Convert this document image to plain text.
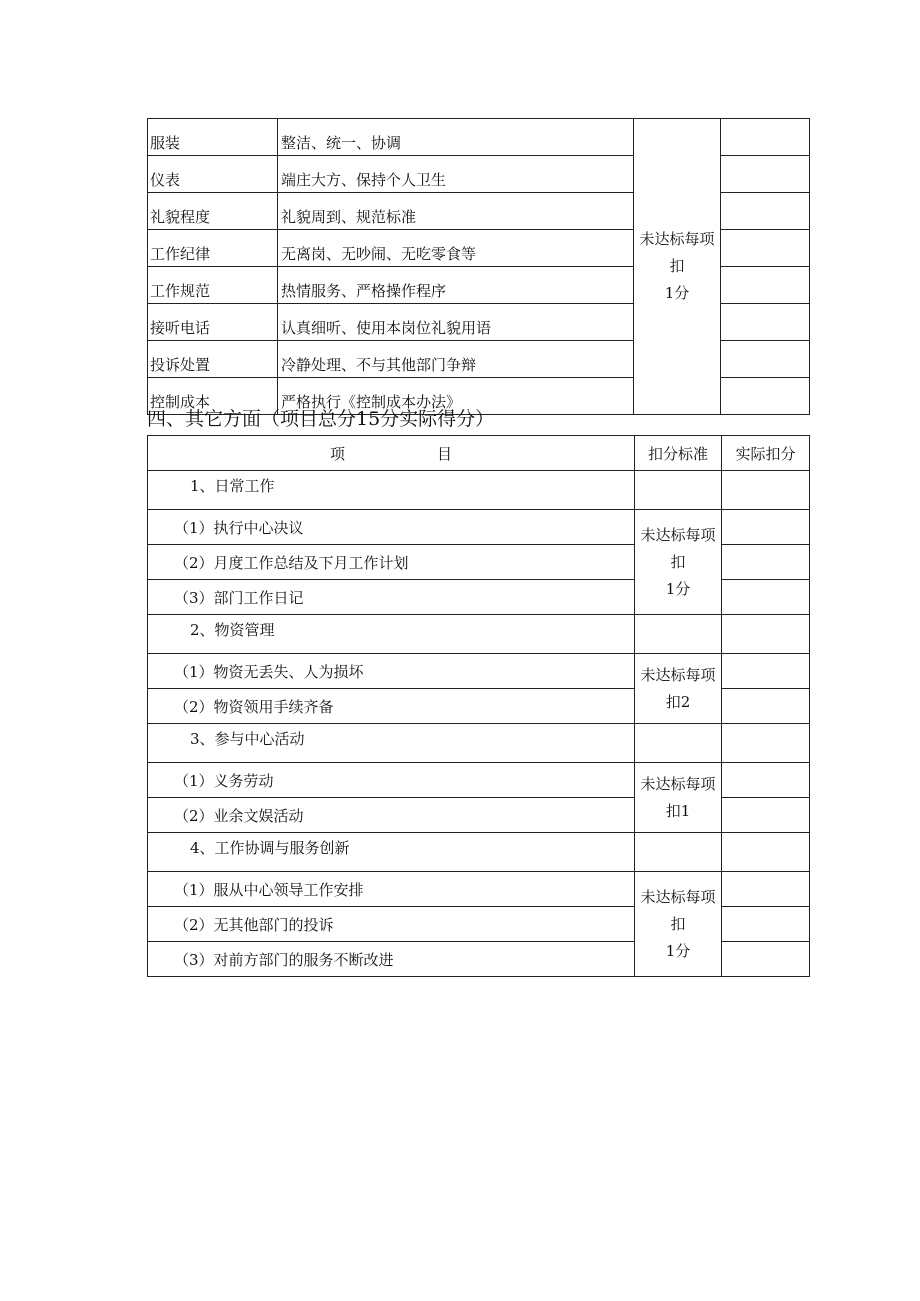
服装	整洁、统一、协调	未达标每项
扣
1分	

仪表	端庄大方、保持个人卫生		
礼貌程度	礼貌周到、规范标准		
工作纪律	无离岗、无吵闹、无吃零食等		
工作规范	热情服务、严格操作程序		
接听电话	认真细听、使用本岗位礼貌用语		
投诉处置	冷静处理、不与其他部门争辩		
控制成本	严格执行《控制成本办法》		
四、其它方面（项目总分15分实际得分）
项 目	扣分标准	实际扣分
1、日常工作		
（1）执行中心决议	未达标每项
扣
1分	

（2）月度工作总结及下月工作计划		
（3）部门工作日记		
2、物资管理		
（1）物资无丢失、人为损坏	未达标每项
扣2	

（2）物资领用手续齐备		
3、参与中心活动		
（1）义务劳动	未达标每项
扣1	

（2）业余文娱活动		
4、工作协调与服务创新		
（1）服从中心领导工作安排	未达标每项
扣
1分	

（2）无其他部门的投诉		
（3）对前方部门的服务不断改进		
